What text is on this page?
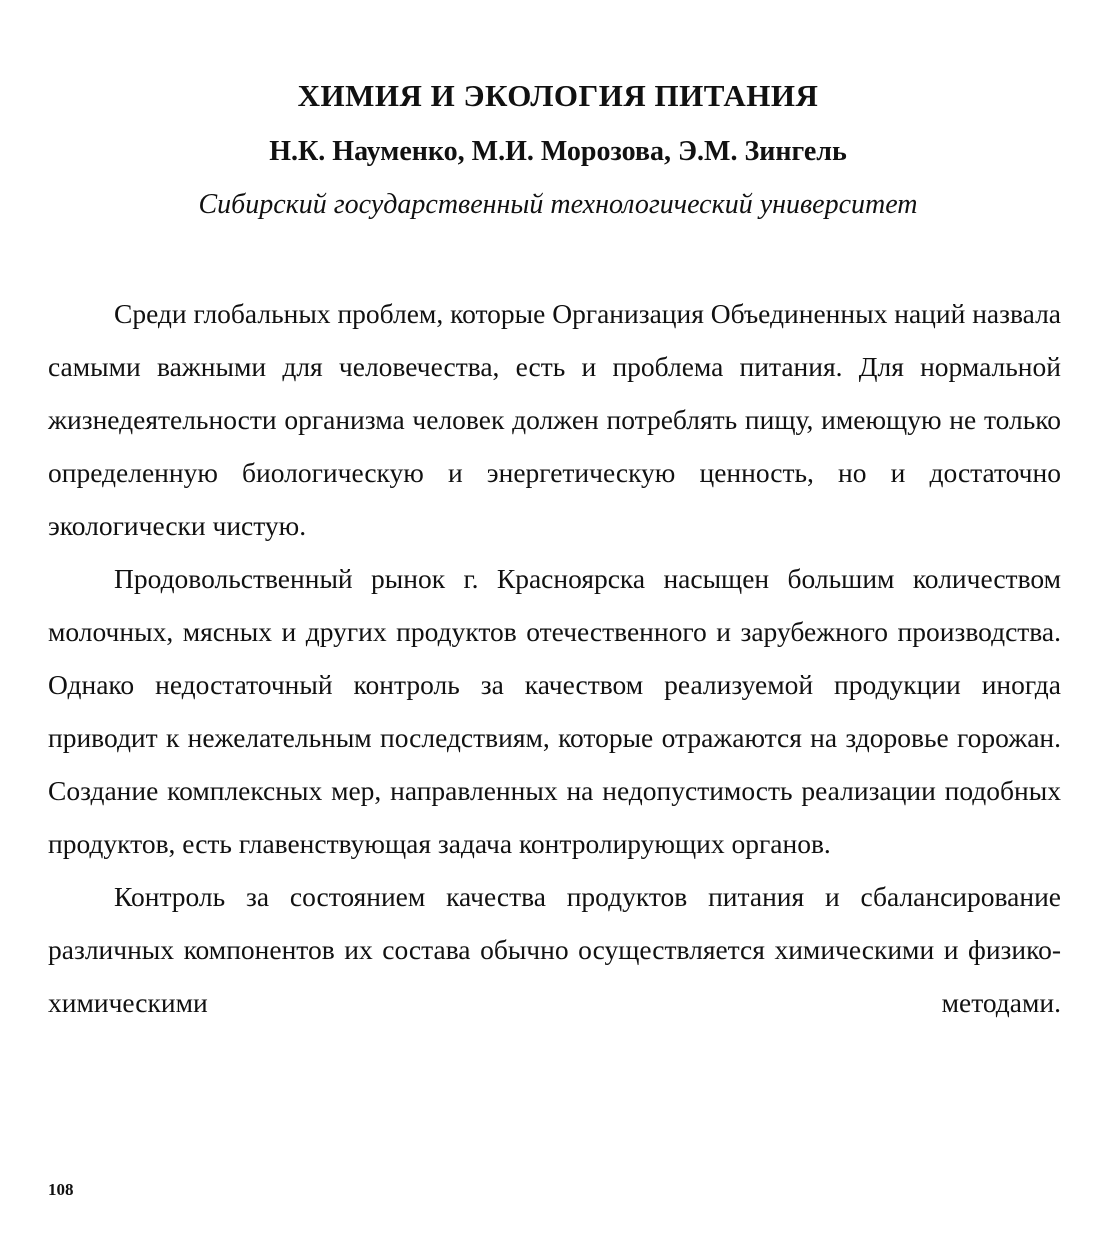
ХИМИЯ И ЭКОЛОГИЯ ПИТАНИЯ
Н.К. Науменко, М.И. Морозова, Э.М. Зингель
Сибирский государственный технологический университет

Среди глобальных проблем, которые Организация Объединенных наций назвала самыми важными для человечества, есть и проблема питания. Для нормальной жизнедеятельности организма человек должен потреблять пищу, имеющую не только определенную биологическую и энергетическую ценность, но и достаточно экологически чистую.

Продовольственный рынок г. Красноярска насыщен большим количеством молочных, мясных и других продуктов отечественного и зарубежного производства. Однако недостаточный контроль за качеством реализуемой продукции иногда приводит к нежелательным последствиям, которые отражаются на здоровье горожан. Создание комплексных мер, направленных на недопустимость реализации подобных продуктов, есть главенствующая задача контролирующих органов.

Контроль за состоянием качества продуктов питания и сбалансирование различных компонентов их состава обычно осуществляется химическими и физико-химическими методами.

108
